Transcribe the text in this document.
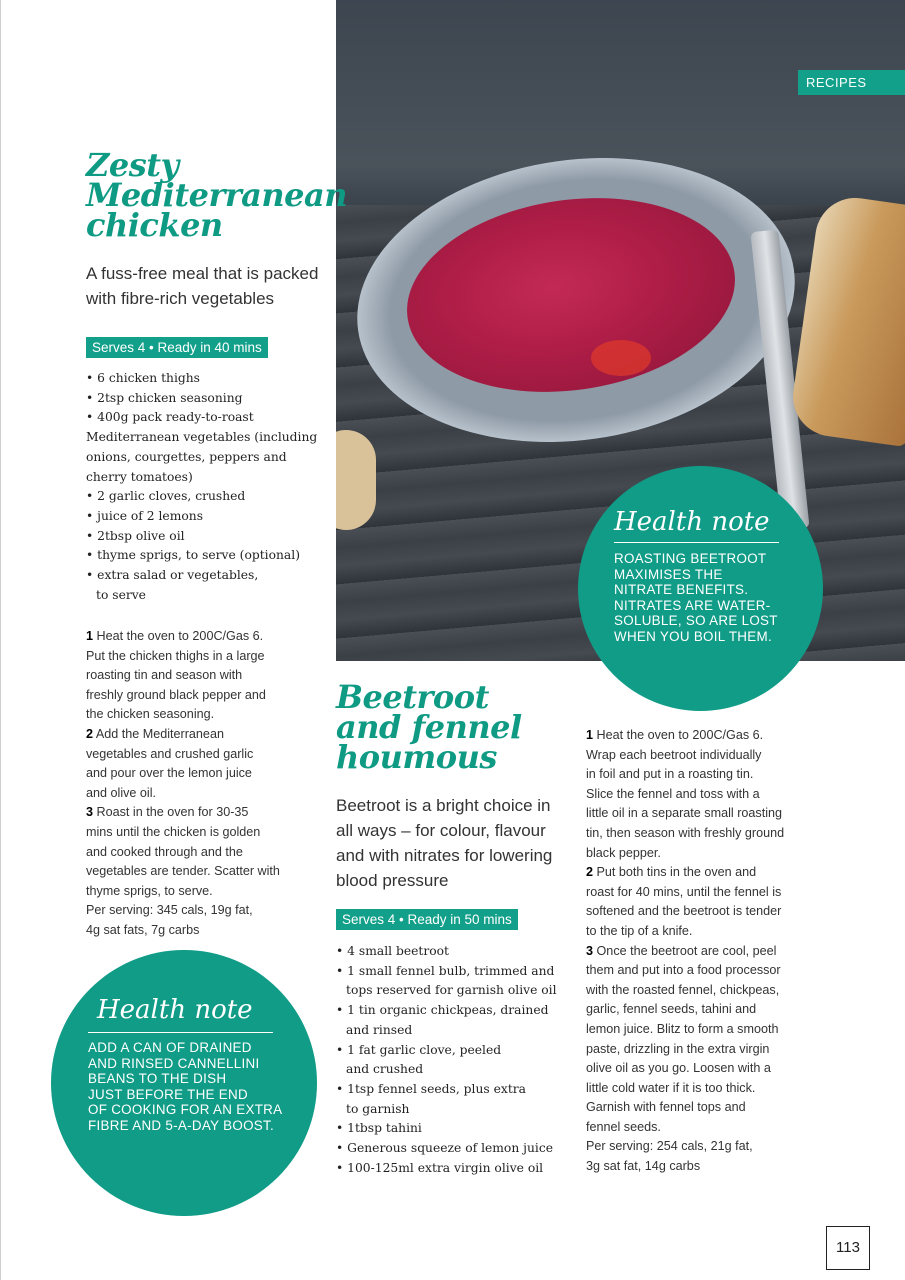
RECIPES
Zesty
Mediterranean
chicken
A fuss-free meal that is packed
with fibre-rich vegetables
Serves 4 • Ready in 40 mins
• 6 chicken thighs
• 2tsp chicken seasoning
• 400g pack ready-to-roast
Mediterranean vegetables (including
onions, courgettes, peppers and
cherry tomatoes)
• 2 garlic cloves, crushed
• juice of 2 lemons
• 2tbsp olive oil
• thyme sprigs, to serve (optional)
• extra salad or vegetables,
to serve

1 Heat the oven to 200C/Gas 6.
Put the chicken thighs in a large
roasting tin and season with
freshly ground black pepper and
the chicken seasoning.

2 Add the Mediterranean
vegetables and crushed garlic
and pour over the lemon juice
and olive oil.

3 Roast in the oven for 30-35
mins until the chicken is golden
and cooked through and the
vegetables are tender. Scatter with
thyme sprigs, to serve.

Per serving: 345 cals, 19g fat,
4g sat fats, 7g carbs

Health note
ADD A CAN OF DRAINED
AND RINSED CANNELLINI
BEANS TO THE DISH
JUST BEFORE THE END
OF COOKING FOR AN EXTRA
FIBRE AND 5-A-DAY BOOST.
Health note
ROASTING BEETROOT
MAXIMISES THE
NITRATE BENEFITS.
NITRATES ARE WATER-
SOLUBLE, SO ARE LOST
WHEN YOU BOIL THEM.
Beetroot
and fennel
houmous
Beetroot is a bright choice in
all ways – for colour, flavour
and with nitrates for lowering
blood pressure
Serves 4 • Ready in 50 mins
• 4 small beetroot
• 1 small fennel bulb, trimmed and
tops reserved for garnish olive oil
• 1 tin organic chickpeas, drained
and rinsed
• 1 fat garlic clove, peeled
and crushed
• 1tsp fennel seeds, plus extra
to garnish
• 1tbsp tahini
• Generous squeeze of lemon juice
• 100-125ml extra virgin olive oil

1 Heat the oven to 200C/Gas 6.
Wrap each beetroot individually
in foil and put in a roasting tin.
Slice the fennel and toss with a
little oil in a separate small roasting
tin, then season with freshly ground
black pepper.

2 Put both tins in the oven and
roast for 40 mins, until the fennel is
softened and the beetroot is tender
to the tip of a knife.

3 Once the beetroot are cool, peel
them and put into a food processor
with the roasted fennel, chickpeas,
garlic, fennel seeds, tahini and
lemon juice. Blitz to form a smooth
paste, drizzling in the extra virgin
olive oil as you go. Loosen with a
little cold water if it is too thick.
Garnish with fennel tops and
fennel seeds.

Per serving: 254 cals, 21g fat,
3g sat fat, 14g carbs

113
